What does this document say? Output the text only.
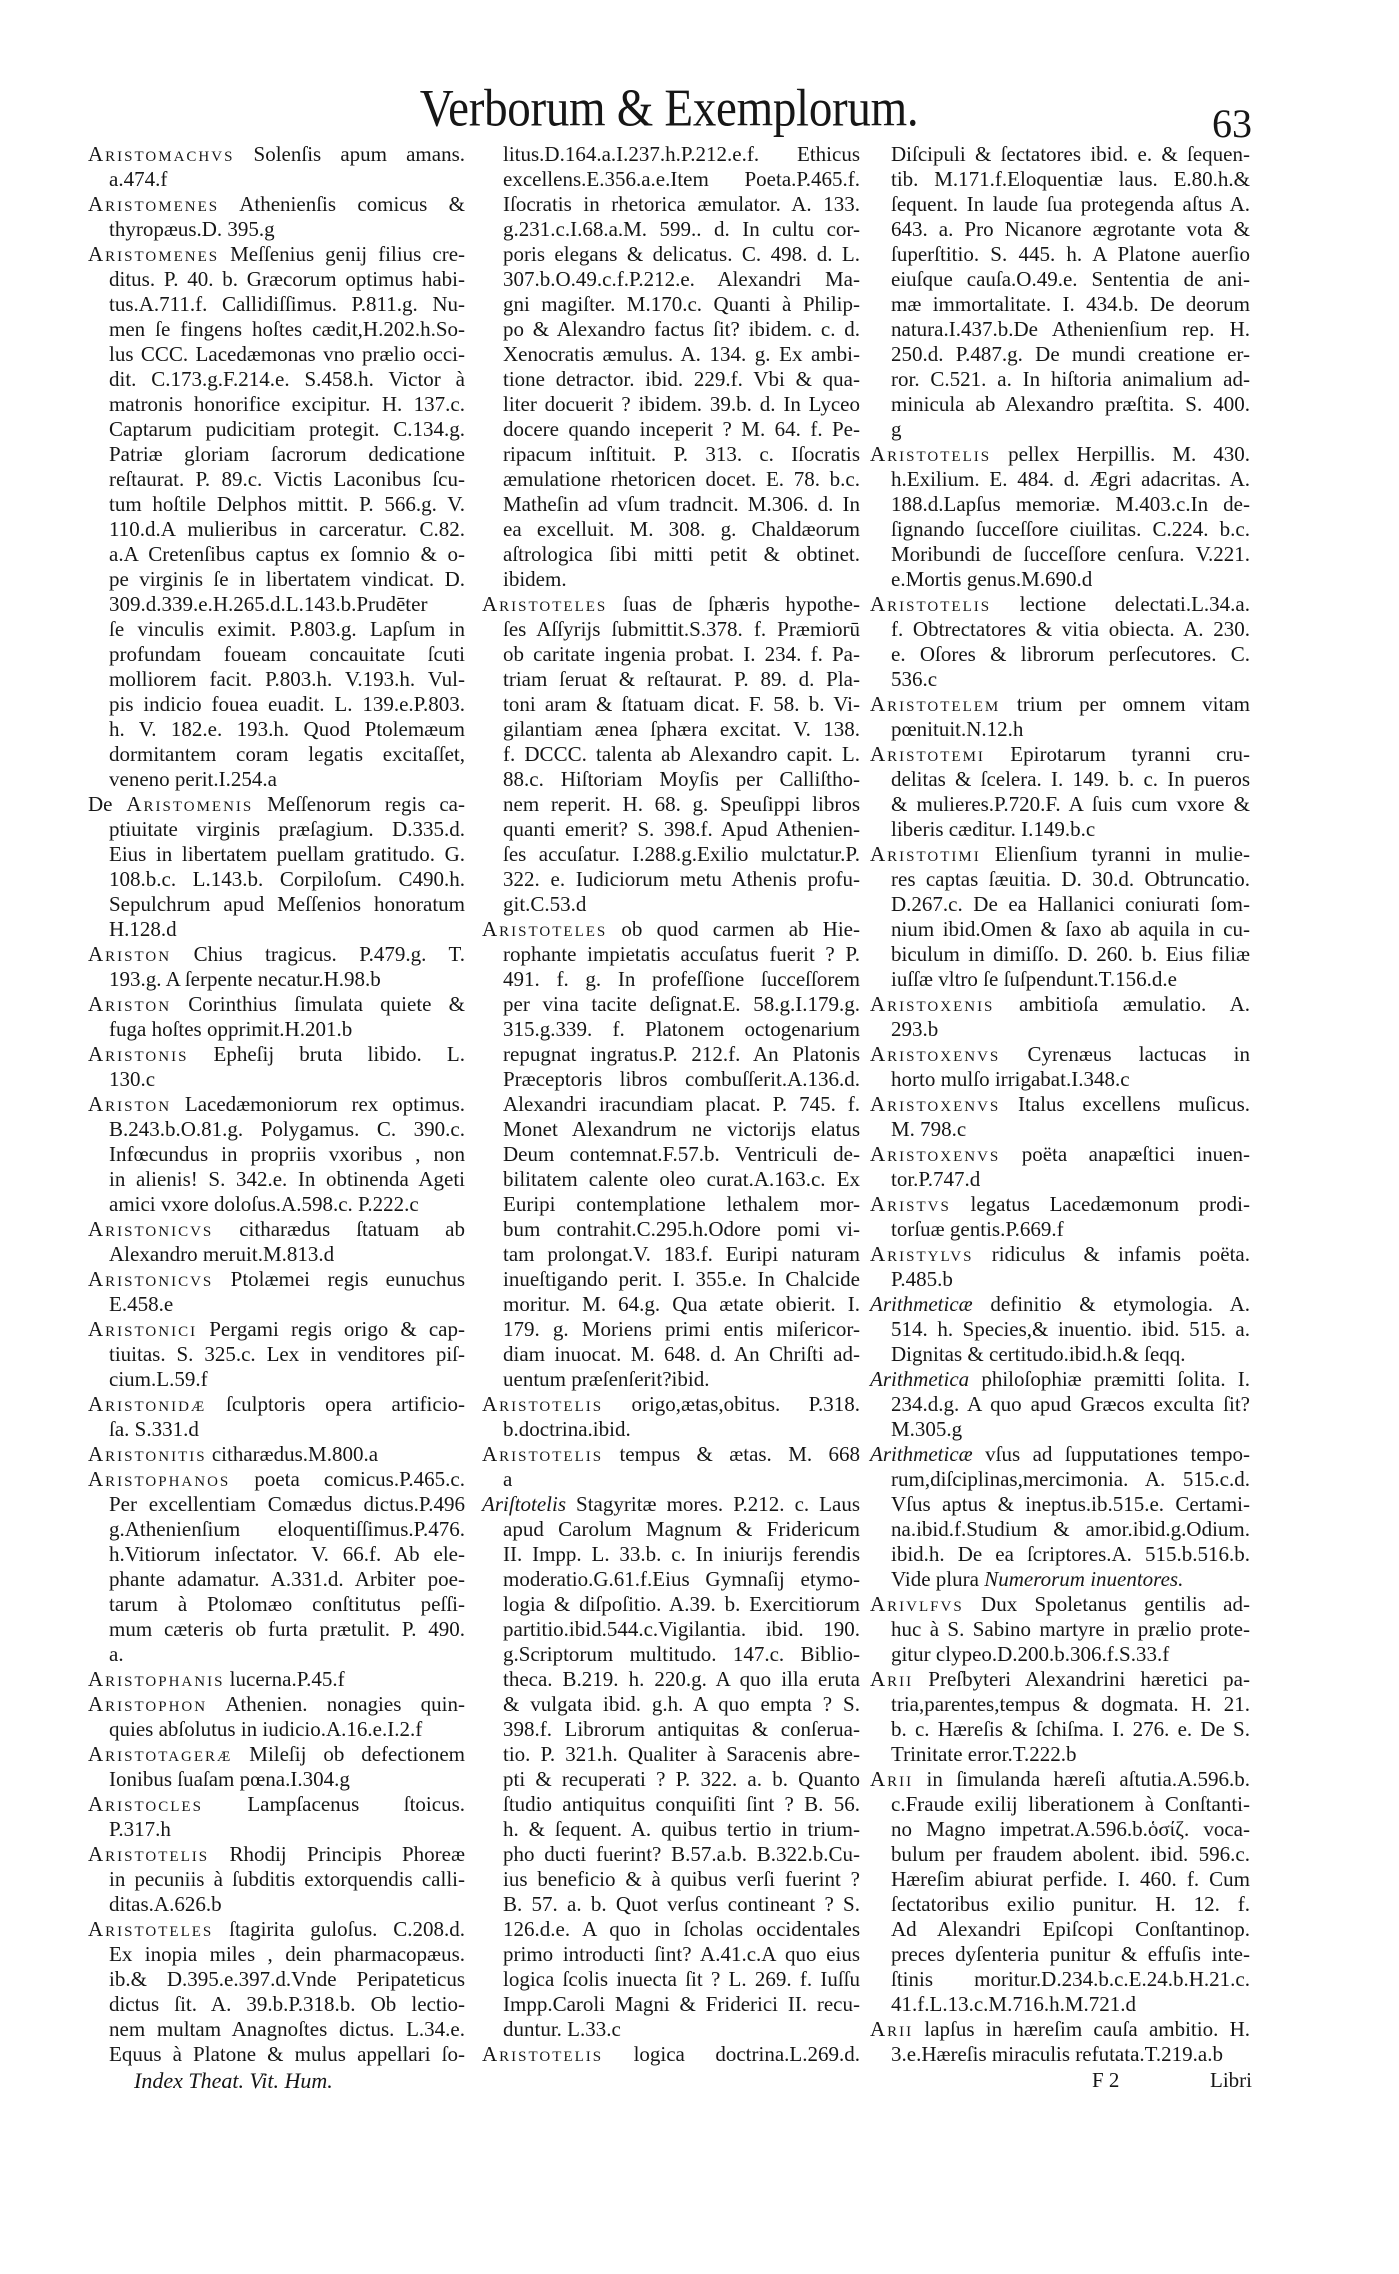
Verborum & Exemplorum.	63
ARISTOMACHVS Solenſis apum amans.
a.474.f
ARISTOMENES Athenienſis comicus &
thyropæus.D. 395.g
ARISTOMENES Meſſenius genij filius cre-
ditus. P. 40. b. Græcorum optimus habi-
tus.A.711.f. Callidiſſimus. P.811.g. Nu-
men ſe fingens hoſtes cædit,H.202.h.So-
lus CCC. Lacedæmonas vno prælio occi-
dit. C.173.g.F.214.e. S.458.h. Victor à
matronis honorifice excipitur. H. 137.c.
Captarum pudicitiam protegit. C.134.g.
Patriæ gloriam ſacrorum dedicatione
reſtaurat. P. 89.c. Victis Laconibus ſcu-
tum hoſtile Delphos mittit. P. 566.g. V.
110.d.A mulieribus in carceratur. C.82.
a.A Cretenſibus captus ex ſomnio & o-
pe virginis ſe in libertatem vindicat. D.
309.d.339.e.H.265.d.L.143.b.Prudēter
ſe vinculis eximit. P.803.g. Lapſum in
profundam foueam concauitate ſcuti
molliorem facit. P.803.h. V.193.h. Vul-
pis indicio fouea euadit. L. 139.e.P.803.
h. V. 182.e. 193.h. Quod Ptolemæum
dormitantem coram legatis excitaſſet,
veneno perit.I.254.a
De ARISTOMENIS Meſſenorum regis ca-
ptiuitate virginis præſagium. D.335.d.
Eius in libertatem puellam gratitudo. G.
108.b.c. L.143.b. Corpiloſum. C490.h.
Sepulchrum apud Meſſenios honoratum
H.128.d
ARISTON Chius tragicus. P.479.g. T.
193.g. A ſerpente necatur.H.98.b
ARISTON Corinthius ſimulata quiete &
fuga hoſtes opprimit.H.201.b
ARISTONIS Epheſij bruta libido. L.
130.c
ARISTON Lacedæmoniorum rex optimus.
B.243.b.O.81.g. Polygamus. C. 390.c.
Infœcundus in propriis vxoribus , non
in alienis! S. 342.e. In obtinenda Ageti
amici vxore doloſus.A.598.c. P.222.c
ARISTONICVS citharædus ſtatuam ab
Alexandro meruit.M.813.d
ARISTONICVS Ptolæmei regis eunuchus
E.458.e
ARISTONICI Pergami regis origo & cap-
tiuitas. S. 325.c. Lex in venditores piſ-
cium.L.59.f
ARISTONIDÆ ſculptoris opera artificio-
ſa. S.331.d
ARISTONITIS citharædus.M.800.a
ARISTOPHANOS poeta comicus.P.465.c.
Per excellentiam Comædus dictus.P.496
g.Athenienſium eloquentiſſimus.P.476.
h.Vitiorum inſectator. V. 66.f. Ab ele-
phante adamatur. A.331.d. Arbiter poe-
tarum à Ptolomæo conſtitutus peſſi-
mum cæteris ob furta prætulit. P. 490.
a.
ARISTOPHANIS lucerna.P.45.f
ARISTOPHON Athenien. nonagies quin-
quies abſolutus in iudicio.A.16.e.I.2.f
ARISTOTAGERÆ Mileſij ob defectionem
Ionibus ſuaſam pœna.I.304.g
ARISTOCLES Lampſacenus ſtoicus.
P.317.h
ARISTOTELIS Rhodij Principis Phoreæ
in pecuniis à ſubditis extorquendis calli-
ditas.A.626.b
ARISTOTELES ſtagirita guloſus. C.208.d.
Ex inopia miles , dein pharmacopæus.
ib.& D.395.e.397.d.Vnde Peripateticus
dictus ſit. A. 39.b.P.318.b. Ob lectio-
nem multam Anagnoſtes dictus. L.34.e.
Equus à Platone & mulus appellari ſo-
litus.D.164.a.I.237.h.P.212.e.f. Ethicus
excellens.E.356.a.e.Item Poeta.P.465.f.
Iſocratis in rhetorica æmulator. A. 133.
g.231.c.I.68.a.M. 599.. d. In cultu cor-
poris elegans & delicatus. C. 498. d. L.
307.b.O.49.c.f.P.212.e. Alexandri Ma-
gni magiſter. M.170.c. Quanti à Philip-
po & Alexandro factus ſit? ibidem. c. d.
Xenocratis æmulus. A. 134. g. Ex ambi-
tione detractor. ibid. 229.f. Vbi & qua-
liter docuerit ? ibidem. 39.b. d. In Lyceo
docere quando inceperit ? M. 64. f. Pe-
ripacum inſtituit. P. 313. c. Iſocratis
æmulatione rhetoricen docet. E. 78. b.c.
Matheſin ad vſum tradncit. M.306. d. In
ea excelluit. M. 308. g. Chaldæorum
aſtrologica ſibi mitti petit & obtinet.
ibidem.
ARISTOTELES ſuas de ſphæris hypothe-
ſes Aſſyrijs ſubmittit.S.378. f. Præmiorū
ob caritate ingenia probat. I. 234. f. Pa-
triam ſeruat & reſtaurat. P. 89. d. Pla-
toni aram & ſtatuam dicat. F. 58. b. Vi-
gilantiam ænea ſphæra excitat. V. 138.
f. DCCC. talenta ab Alexandro capit. L.
88.c. Hiſtoriam Moyſis per Calliſtho-
nem reperit. H. 68. g. Speuſippi libros
quanti emerit? S. 398.f. Apud Athenien-
ſes accuſatur. I.288.g.Exilio mulctatur.P.
322. e. Iudiciorum metu Athenis profu-
git.C.53.d
ARISTOTELES ob quod carmen ab Hie-
rophante impietatis accuſatus fuerit ? P.
491. f. g. In profeſſione ſucceſſorem
per vina tacite deſignat.E. 58.g.I.179.g.
315.g.339. f. Platonem octogenarium
repugnat ingratus.P. 212.f. An Platonis
Præceptoris libros combuſſerit.A.136.d.
Alexandri iracundiam placat. P. 745. f.
Monet Alexandrum ne victorijs elatus
Deum contemnat.F.57.b. Ventriculi de-
bilitatem calente oleo curat.A.163.c. Ex
Euripi contemplatione lethalem mor-
bum contrahit.C.295.h.Odore pomi vi-
tam prolongat.V. 183.f. Euripi naturam
inueſtigando perit. I. 355.e. In Chalcide
moritur. M. 64.g. Qua ætate obierit. I.
179. g. Moriens primi entis miſericor-
diam inuocat. M. 648. d. An Chriſti ad-
uentum præſenſerit?ibid.
ARISTOTELIS origo,ætas,obitus. P.318.
b.doctrina.ibid.
ARISTOTELIS tempus & ætas. M. 668
a
Ariſtotelis Stagyritæ mores. P.212. c. Laus
apud Carolum Magnum & Fridericum
II. Impp. L. 33.b. c. In iniurijs ferendis
moderatio.G.61.f.Eius Gymnaſij etymo-
logia & diſpoſitio. A.39. b. Exercitiorum
partitio.ibid.544.c.Vigilantia. ibid. 190.
g.Scriptorum multitudo. 147.c. Biblio-
theca. B.219. h. 220.g. A quo illa eruta
& vulgata ibid. g.h. A quo empta ? S.
398.f. Librorum antiquitas & conſerua-
tio. P. 321.h. Qualiter à Saracenis abre-
pti & recuperati ? P. 322. a. b. Quanto
ſtudio antiquitus conquiſiti ſint ? B. 56.
h. & ſequent. A. quibus tertio in trium-
pho ducti fuerint? B.57.a.b. B.322.b.Cu-
ius beneficio & à quibus verſi fuerint ?
B. 57. a. b. Quot verſus contineant ? S.
126.d.e. A quo in ſcholas occidentales
primo introducti ſint? A.41.c.A quo eius
logica ſcolis inuecta ſit ? L. 269. f. Iuſſu
Impp.Caroli Magni & Friderici II. recu-
duntur. L.33.c
ARISTOTELIS logica doctrina.L.269.d.
Diſcipuli & ſectatores ibid. e. & ſequen-
tib. M.171.f.Eloquentiæ laus. E.80.h.&
ſequent. In laude ſua protegenda aſtus A.
643. a. Pro Nicanore ægrotante vota &
ſuperſtitio. S. 445. h. A Platone auerſio
eiuſque cauſa.O.49.e. Sententia de ani-
mæ immortalitate. I. 434.b. De deorum
natura.I.437.b.De Athenienſium rep. H.
250.d. P.487.g. De mundi creatione er-
ror. C.521. a. In hiſtoria animalium ad-
minicula ab Alexandro præſtita. S. 400.
g
ARISTOTELIS pellex Herpillis. M. 430.
h.Exilium. E. 484. d. Ægri adacritas. A.
188.d.Lapſus memoriæ. M.403.c.In de-
ſignando ſucceſſore ciuilitas. C.224. b.c.
Moribundi de ſucceſſore cenſura. V.221.
e.Mortis genus.M.690.d
ARISTOTELIS lectione delectati.L.34.a.
f. Obtrectatores & vitia obiecta. A. 230.
e. Oſores & librorum perſecutores. C.
536.c
ARISTOTELEM trium per omnem vitam
pœnituit.N.12.h
ARISTOTEMI Epirotarum tyranni cru-
delitas & ſcelera. I. 149. b. c. In pueros
& mulieres.P.720.F. A ſuis cum vxore &
liberis cæditur. I.149.b.c
ARISTOTIMI Elienſium tyranni in mulie-
res captas ſæuitia. D. 30.d. Obtruncatio.
D.267.c. De ea Hallanici coniurati ſom-
nium ibid.Omen & ſaxo ab aquila in cu-
biculum in dimiſſo. D. 260. b. Eius filiæ
iuſſæ vltro ſe ſuſpendunt.T.156.d.e
ARISTOXENIS ambitioſa æmulatio. A.
293.b
ARISTOXENVS Cyrenæus lactucas in
horto mulſo irrigabat.I.348.c
ARISTOXENVS Italus excellens muſicus.
M. 798.c
ARISTOXENVS poëta anapæſtici inuen-
tor.P.747.d
ARISTVS legatus Lacedæmonum prodi-
torſuæ gentis.P.669.f
ARISTYLVS ridiculus & infamis poëta.
P.485.b
Arithmeticæ definitio & etymologia. A.
514. h. Species,& inuentio. ibid. 515. a.
Dignitas & certitudo.ibid.h.& ſeqq.
Arithmetica philoſophiæ præmitti ſolita. I.
234.d.g. A quo apud Græcos exculta ſit?
M.305.g
Arithmeticæ vſus ad ſupputationes tempo-
rum,diſciplinas,mercimonia. A. 515.c.d.
Vſus aptus & ineptus.ib.515.e. Certami-
na.ibid.f.Studium & amor.ibid.g.Odium.
ibid.h. De ea ſcriptores.A. 515.b.516.b.
Vide plura Numerorum inuentores.
ARIVLFVS Dux Spoletanus gentilis ad-
huc à S. Sabino martyre in prælio prote-
gitur clypeo.D.200.b.306.f.S.33.f
ARII Preſbyteri Alexandrini hæretici pa-
tria,parentes,tempus & dogmata. H. 21.
b. c. Hæreſis & ſchiſma. I. 276. e. De S.
Trinitate error.T.222.b
ARII in ſimulanda hæreſi aſtutia.A.596.b.
c.Fraude exilij liberationem à Conſtanti-
no Magno impetrat.A.596.b.ὁσίζ. voca-
bulum per fraudem abolent. ibid. 596.c.
Hæreſim abiurat perfide. I. 460. f. Cum
ſectatoribus exilio punitur. H. 12. f.
Ad Alexandri Epiſcopi Conſtantinop.
preces dyſenteria punitur & effuſis inte-
ſtinis moritur.D.234.b.c.E.24.b.H.21.c.
41.f.L.13.c.M.716.h.M.721.d
ARII lapſus in hæreſim cauſa ambitio. H.
3.e.Hæreſis miraculis refutata.T.219.a.b
Index Theat. Vit. Hum.	F 2	Libri
